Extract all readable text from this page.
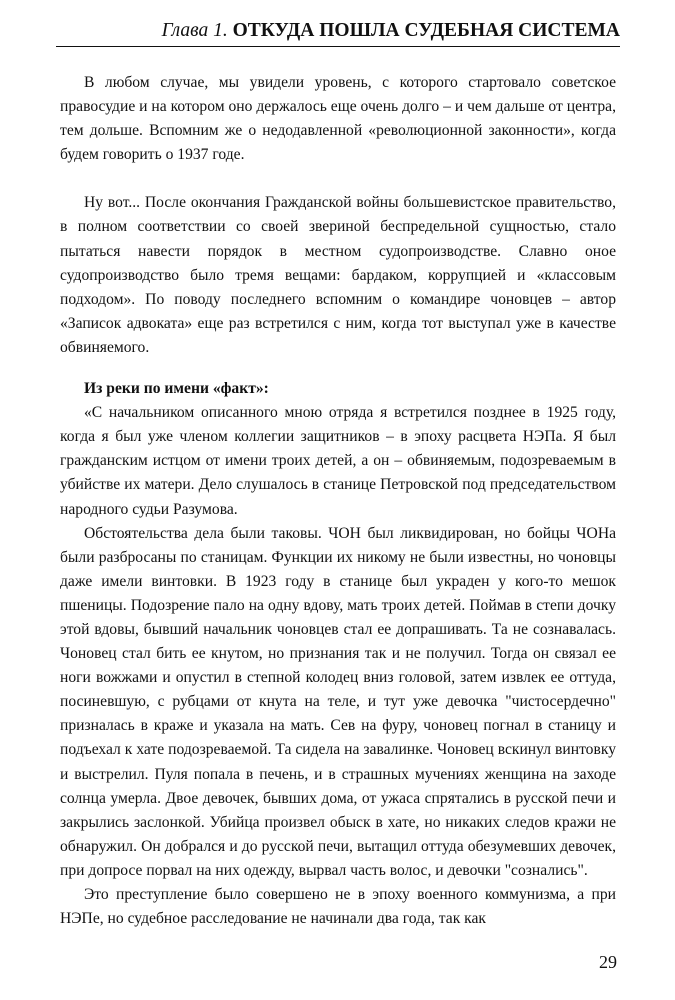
Глава 1. ОТКУДА ПОШЛА СУДЕБНАЯ СИСТЕМА

В любом случае, мы увидели уровень, с которого стартовало советское правосудие и на котором оно держалось еще очень долго – и чем дальше от центра, тем дольше. Вспомним же о недодавленной «революционной законности», когда будем говорить о 1937 годе.

Ну вот... После окончания Гражданской войны большевистское правительство, в полном соответствии со своей звериной беспредельной сущностью, стало пытаться навести порядок в местном судопроизводстве. Славно оное судопроизводство было тремя вещами: бардаком, коррупцией и «классовым подходом». По поводу последнего вспомним о командире чоновцев – автор «Записок адвоката» еще раз встретился с ним, когда тот выступал уже в качестве обвиняемого.

Из реки по имени «факт»:

«С начальником описанного мною отряда я встретился позднее в 1925 году, когда я был уже членом коллегии защитников – в эпоху расцвета НЭПа. Я был гражданским истцом от имени троих детей, а он – обвиняемым, подозреваемым в убийстве их матери. Дело слушалось в станице Петровской под председательством народного судьи Разумова.

Обстоятельства дела были таковы. ЧОН был ликвидирован, но бойцы ЧОНа были разбросаны по станицам. Функции их никому не были известны, но чоновцы даже имели винтовки. В 1923 году в станице был украден у кого-то мешок пшеницы. Подозрение пало на одну вдову, мать троих детей. Поймав в степи дочку этой вдовы, бывший начальник чоновцев стал ее допрашивать. Та не сознавалась. Чоновец стал бить ее кнутом, но признания так и не получил. Тогда он связал ее ноги вожжами и опустил в степной колодец вниз головой, затем извлек ее оттуда, посиневшую, с рубцами от кнута на теле, и тут уже девочка "чистосердечно" призналась в краже и указала на мать. Сев на фуру, чоновец погнал в станицу и подъехал к хате подозреваемой. Та сидела на завалинке. Чоновец вскинул винтовку и выстрелил. Пуля попала в печень, и в страшных мучениях женщина на заходе солнца умерла. Двое девочек, бывших дома, от ужаса спрятались в русской печи и закрылись заслонкой. Убийца произвел обыск в хате, но никаких следов кражи не обнаружил. Он добрался и до русской печи, вытащил оттуда обезумевших девочек, при допросе порвал на них одежду, вырвал часть волос, и девочки "сознались".

Это преступление было совершено не в эпоху военного коммунизма, а при НЭПе, но судебное расследование не начинали два года, так как

29
